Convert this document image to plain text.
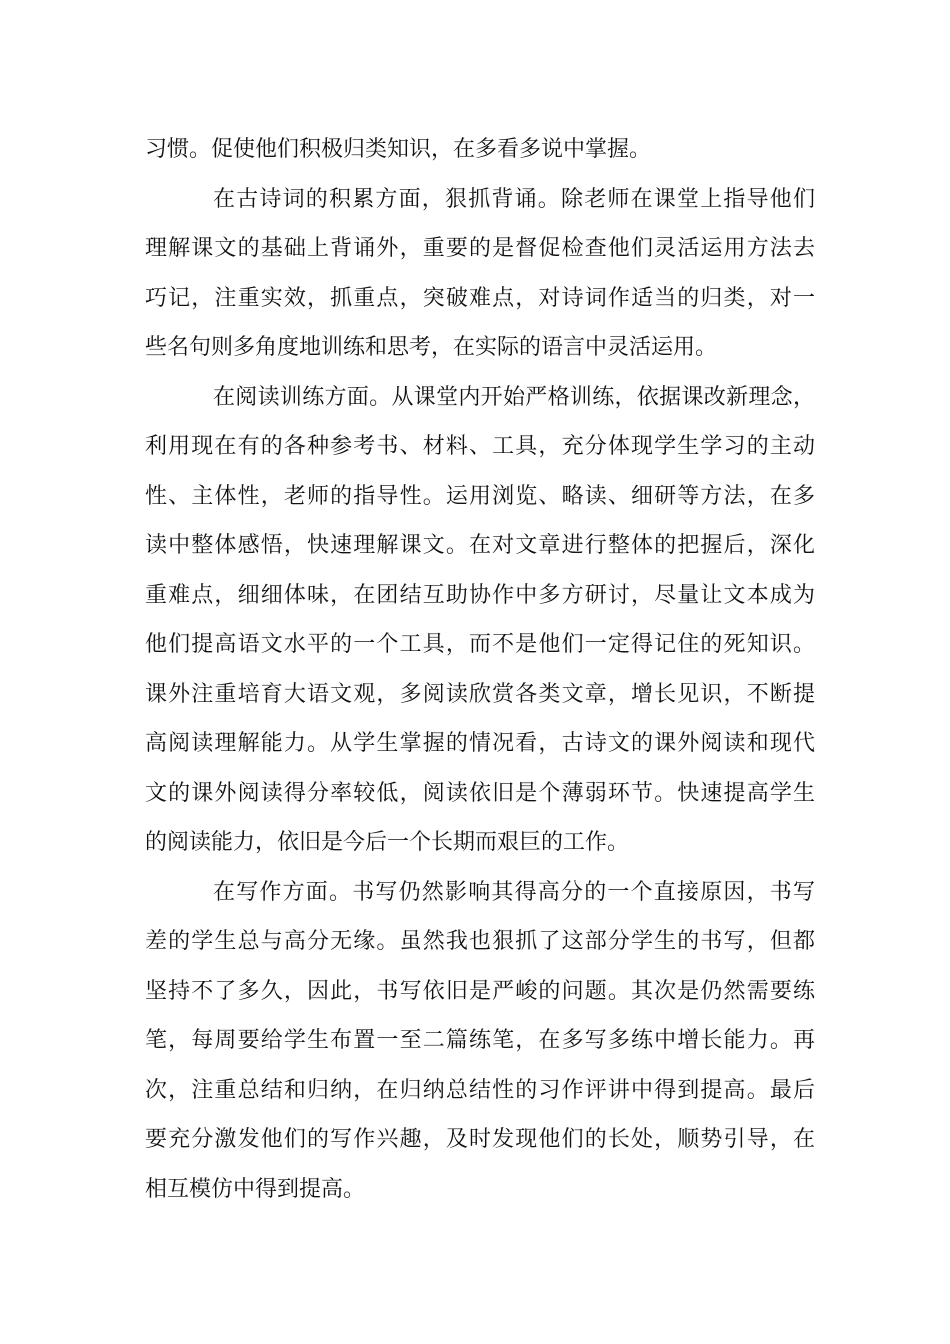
习惯。促使他们积极归类知识，在多看多说中掌握。
在古诗词的积累方面，狠抓背诵。除老师在课堂上指导他们
理解课文的基础上背诵外，重要的是督促检查他们灵活运用方法去
巧记，注重实效，抓重点，突破难点，对诗词作适当的归类，对一
些名句则多角度地训练和思考，在实际的语言中灵活运用。
在阅读训练方面。从课堂内开始严格训练，依据课改新理念，
利用现在有的各种参考书、材料、工具，充分体现学生学习的主动
性、主体性，老师的指导性。运用浏览、略读、细研等方法，在多
读中整体感悟，快速理解课文。在对文章进行整体的把握后，深化
重难点，细细体味，在团结互助协作中多方研讨，尽量让文本成为
他们提高语文水平的一个工具，而不是他们一定得记住的死知识。
课外注重培育大语文观，多阅读欣赏各类文章，增长见识，不断提
高阅读理解能力。从学生掌握的情况看，古诗文的课外阅读和现代
文的课外阅读得分率较低，阅读依旧是个薄弱环节。快速提高学生
的阅读能力，依旧是今后一个长期而艰巨的工作。
在写作方面。书写仍然影响其得高分的一个直接原因，书写
差的学生总与高分无缘。虽然我也狠抓了这部分学生的书写，但都
坚持不了多久，因此，书写依旧是严峻的问题。其次是仍然需要练
笔，每周要给学生布置一至二篇练笔，在多写多练中增长能力。再
次，注重总结和归纳，在归纳总结性的习作评讲中得到提高。最后
要充分激发他们的写作兴趣，及时发现他们的长处，顺势引导，在
相互模仿中得到提高。
